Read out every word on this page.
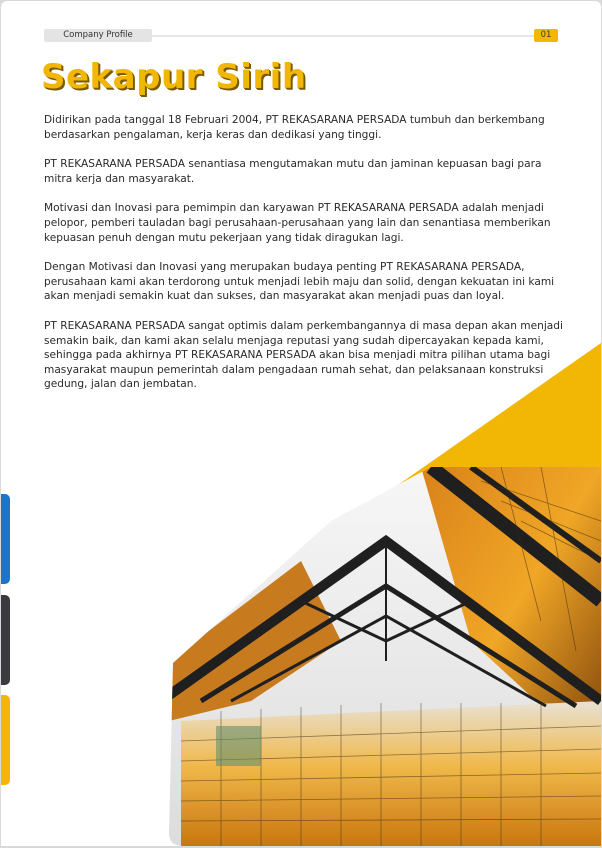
Company Profile	01
Sekapur Sirih

Didirikan pada tanggal 18 Februari 2004, PT REKASARANA PERSADA tumbuh dan berkembang berdasarkan pengalaman, kerja keras dan dedikasi yang tinggi.

PT REKASARANA PERSADA senantiasa mengutamakan mutu dan jaminan kepuasan bagi para mitra kerja dan masyarakat.

Motivasi dan Inovasi para pemimpin dan karyawan PT REKASARANA PERSADA adalah menjadi pelopor, pemberi tauladan bagi perusahaan-perusahaan yang lain dan senantiasa memberikan kepuasan penuh dengan mutu pekerjaan yang tidak diragukan lagi.

Dengan Motivasi dan Inovasi yang merupakan budaya penting PT REKASARANA PERSADA, perusahaan kami akan terdorong untuk menjadi lebih maju dan solid, dengan kekuatan ini kami akan menjadi semakin kuat dan sukses, dan masyarakat akan menjadi puas dan loyal.

PT REKASARANA PERSADA sangat optimis dalam perkembangannya di masa depan akan menjadi semakin baik, dan kami akan selalu menjaga reputasi yang sudah dipercayakan kepada kami, sehingga pada akhirnya PT REKASARANA PERSADA akan bisa menjadi mitra pilihan utama bagi masyarakat maupun pemerintah dalam pengadaan rumah sehat, dan pelaksanaan konstruksi gedung, jalan dan jembatan.
